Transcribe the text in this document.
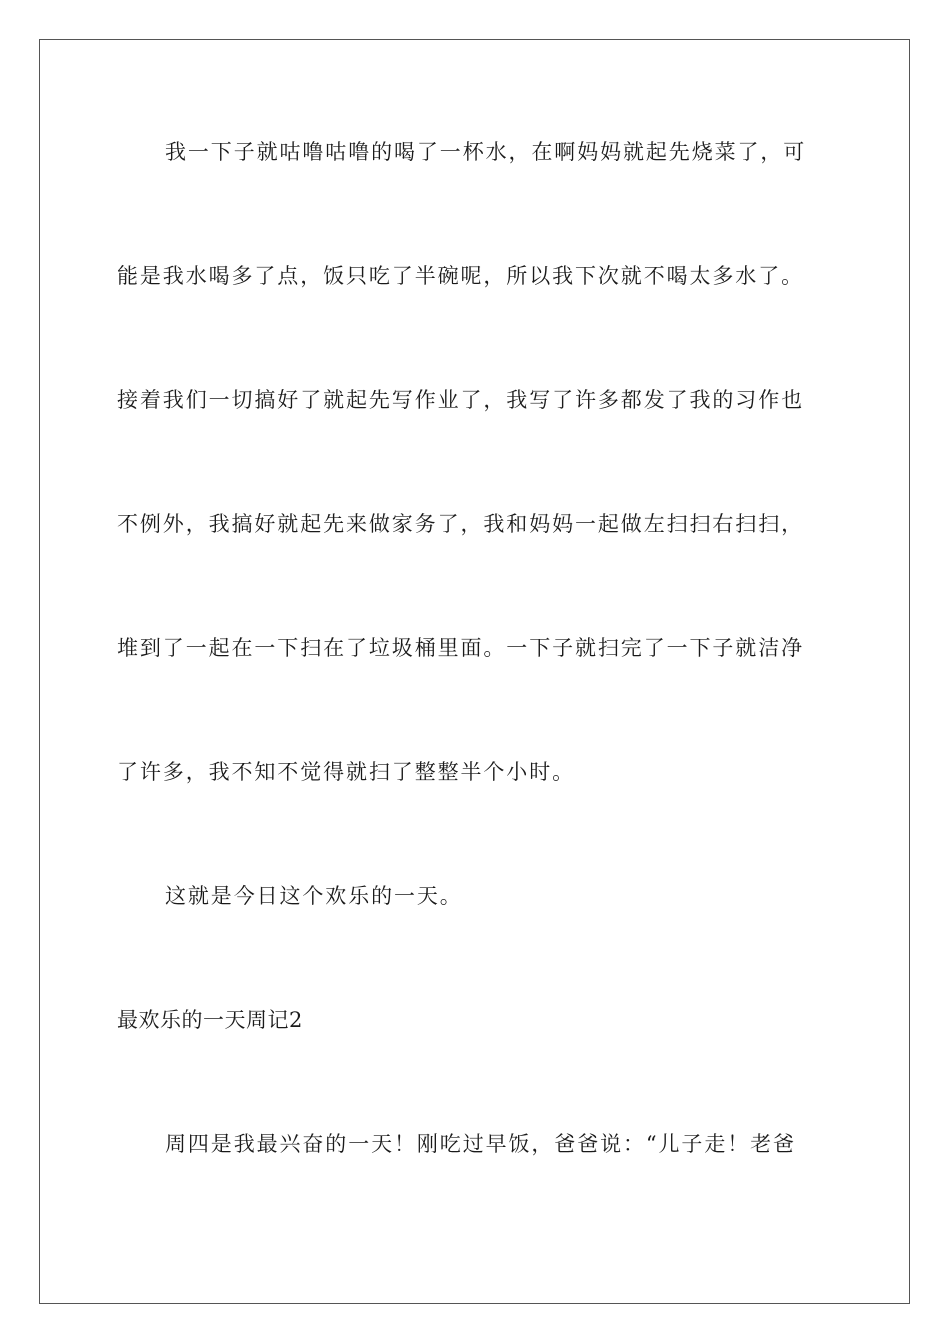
我一下子就咕噜咕噜的喝了一杯水，在啊妈妈就起先烧菜了，可
能是我水喝多了点，饭只吃了半碗呢，所以我下次就不喝太多水了。
接着我们一切搞好了就起先写作业了，我写了许多都发了我的习作也
不例外，我搞好就起先来做家务了，我和妈妈一起做左扫扫右扫扫，
堆到了一起在一下扫在了垃圾桶里面。一下子就扫完了一下子就洁净
了许多，我不知不觉得就扫了整整半个小时。
这就是今日这个欢乐的一天。
最欢乐的一天周记2
周四是我最兴奋的一天！刚吃过早饭，爸爸说：“儿子走！老爸
